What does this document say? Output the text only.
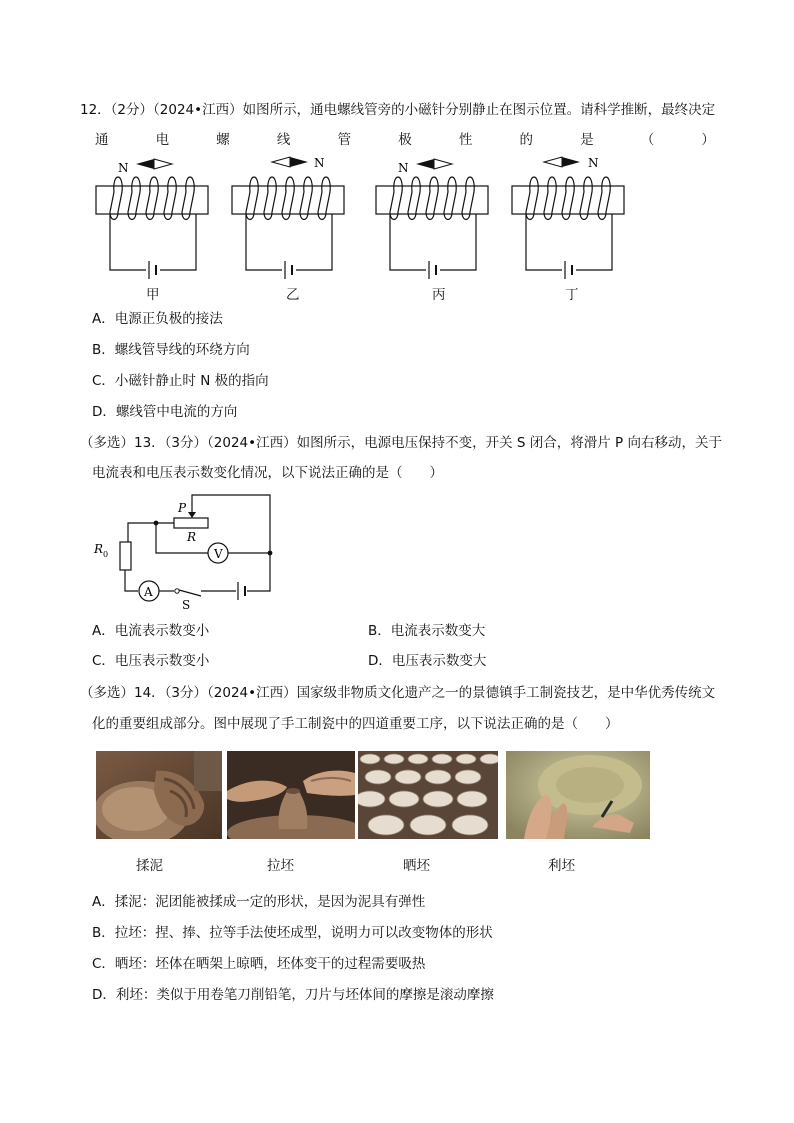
12．（2分）（2024•江西）如图所示，通电螺线管旁的小磁针分别静止在图示位置。请科学推断，最终决定
通	电	螺	线	管	极	性	的	是	（	）
N	N	N	N
甲	乙	丙	丁
A．电源正负极的接法
B．螺线管导线的环绕方向
C．小磁针静止时 N 极的指向
D．螺线管中电流的方向
（多选）13．（3分）（2024•江西）如图所示，电源电压保持不变，开关 S 闭合，将滑片 P 向右移动，关于
电流表和电压表示数变化情况，以下说法正确的是（　　）
A
S
P
R
V
R 0
A．电流表示数变小	B．电流表示数变大
C．电压表示数变小	D．电压表示数变大
（多选）14．（3分）（2024•江西）国家级非物质文化遗产之一的景德镇手工制瓷技艺，是中华优秀传统文
化的重要组成部分。图中展现了手工制瓷中的四道重要工序，以下说法正确的是（　　）
揉泥	拉坯	晒坯	利坯
A．揉泥：泥团能被揉成一定的形状，是因为泥具有弹性
B．拉坯：捏、捧、拉等手法使坯成型，说明力可以改变物体的形状
C．晒坯：坯体在晒架上晾晒，坯体变干的过程需要吸热
D．利坯：类似于用卷笔刀削铅笔，刀片与坯体间的摩擦是滚动摩擦
